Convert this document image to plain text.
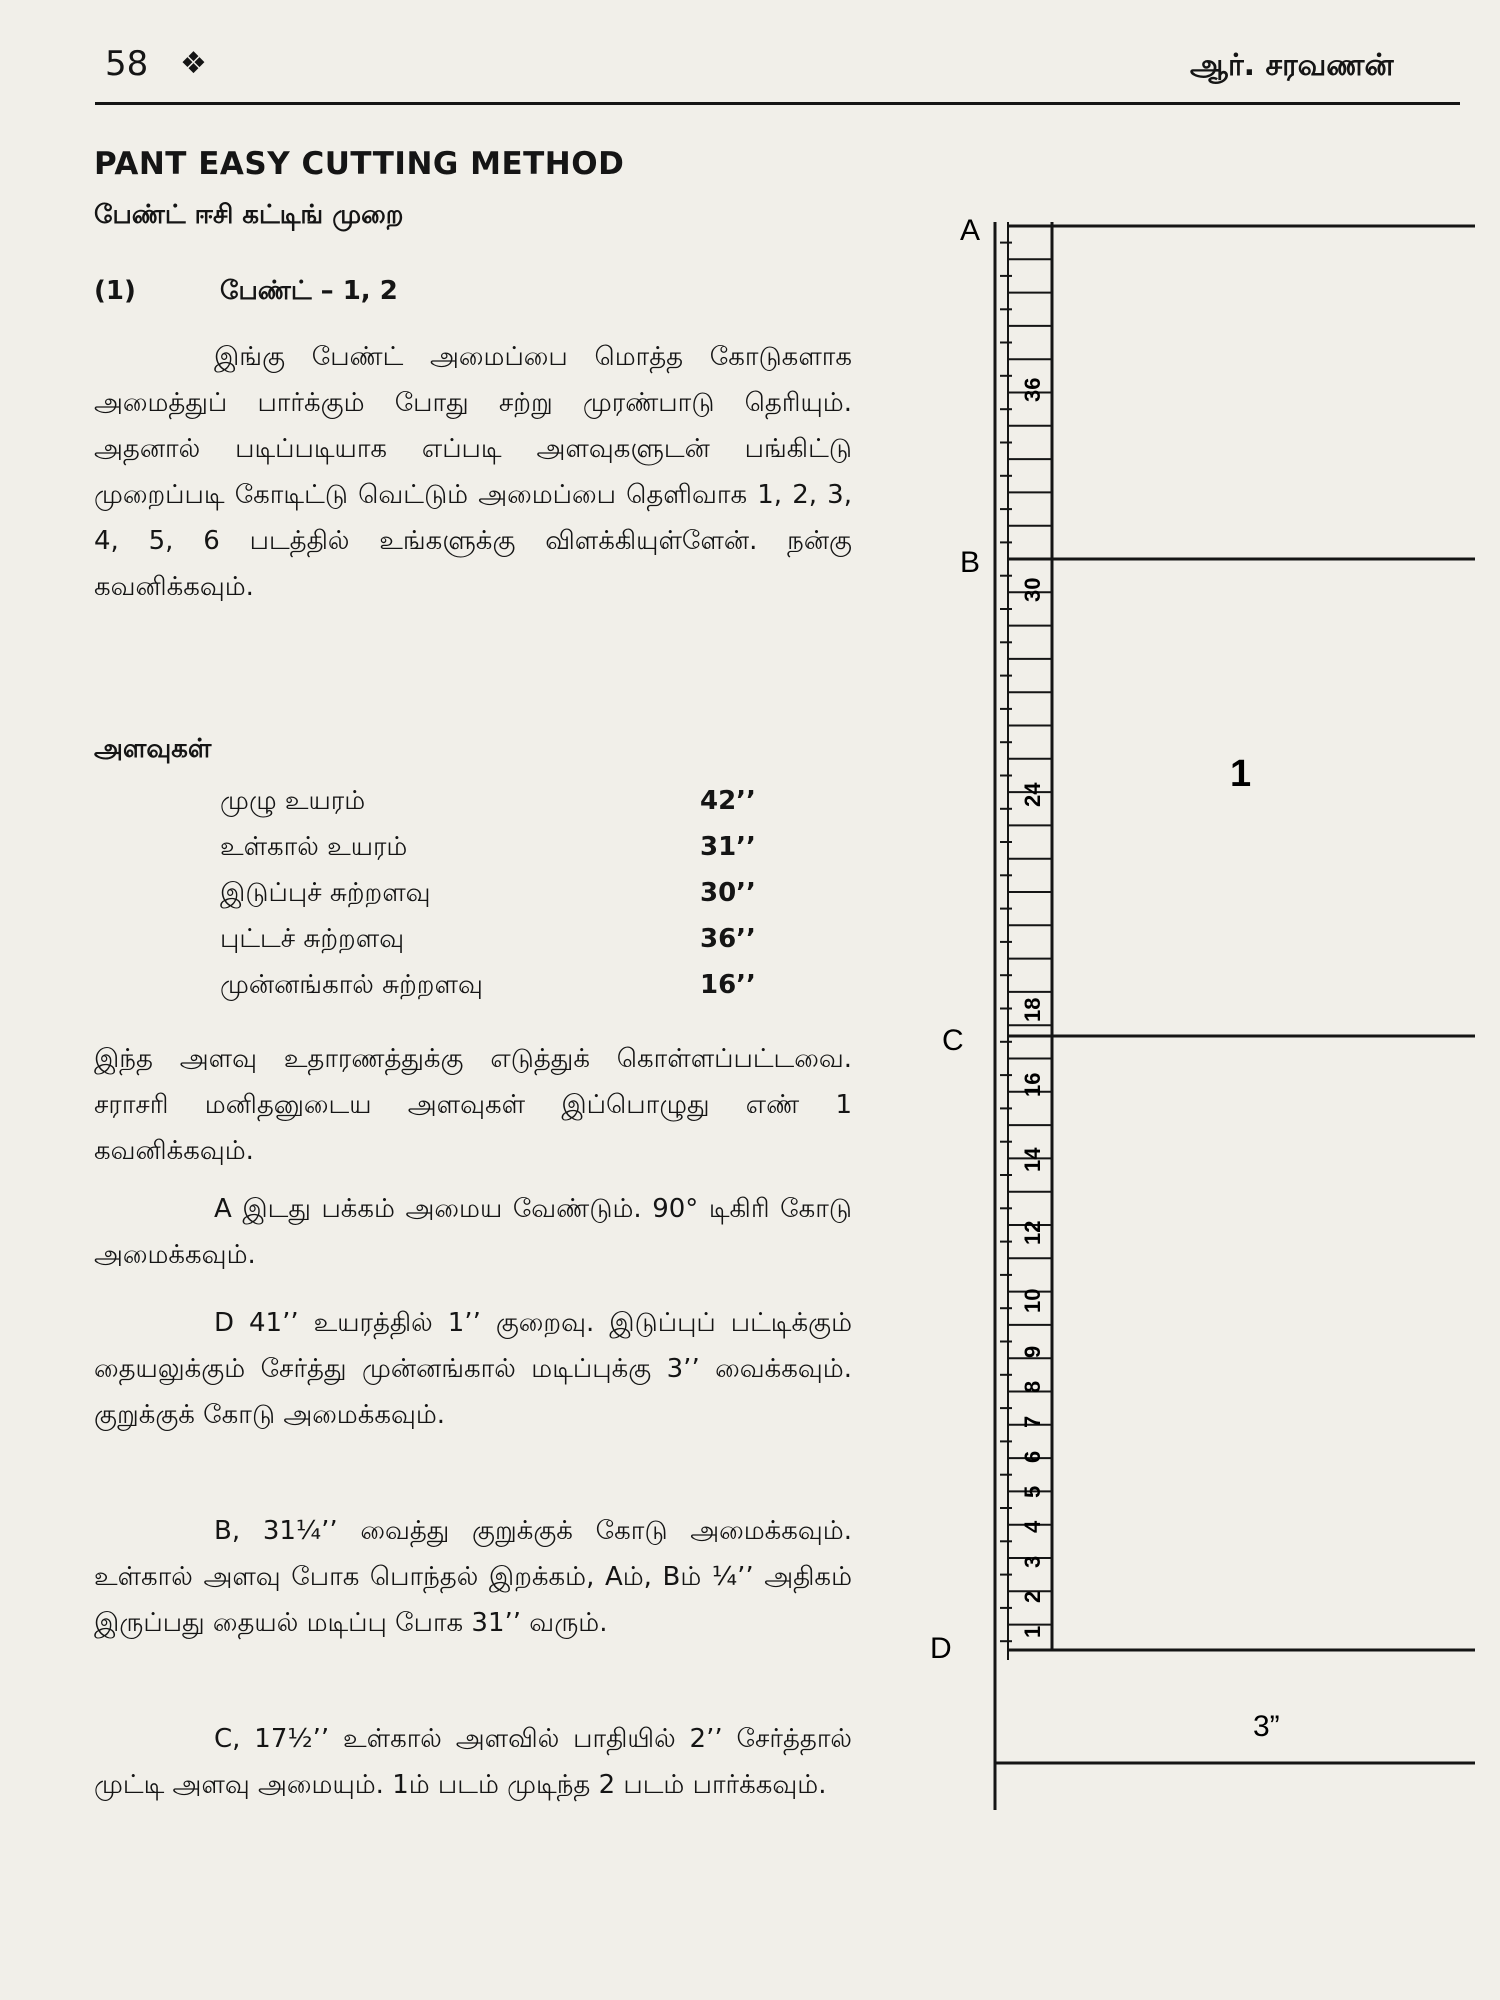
58 ❖	ஆர். சரவணன்
PANT EASY CUTTING METHOD
பேண்ட் ஈசி கட்டிங் முறை
(1)	பேண்ட் – 1, 2
இங்கு பேண்ட் அமைப்பை மொத்த கோடுகளாக அமைத்துப் பார்க்கும் போது சற்று முரண்பாடு தெரியும். அதனால் படிப்படியாக எப்படி அளவுகளுடன் பங்கிட்டு முறைப்படி கோடிட்டு வெட்டும் அமைப்பை தெளிவாக 1, 2, 3, 4, 5, 6 படத்தில் உங்களுக்கு விளக்கியுள்ளேன். நன்கு கவனிக்கவும்.
அளவுகள்
முழு உயரம்	42’’
உள்கால் உயரம்	31’’
இடுப்புச் சுற்றளவு	30’’
புட்டச் சுற்றளவு	36’’
முன்னங்கால் சுற்றளவு	16’’
இந்த அளவு உதாரணத்துக்கு எடுத்துக் கொள்ளப்பட்டவை. சராசரி மனிதனுடைய அளவுகள் இப்பொழுது எண் 1 கவனிக்கவும்.
A இடது பக்கம் அமைய வேண்டும். 90° டிகிரி கோடு அமைக்கவும்.
D 41’’ உயரத்தில் 1’’ குறைவு. இடுப்புப் பட்டிக்கும் தையலுக்கும் சேர்த்து முன்னங்கால் மடிப்புக்கு 3’’ வைக்கவும். குறுக்குக் கோடு அமைக்கவும்.
B, 31¼’’ வைத்து குறுக்குக் கோடு அமைக்கவும். உள்கால் அளவு போக பொந்தல் இறக்கம், Aம், Bம் ¼’’ அதிகம் இருப்பது தையல் மடிப்பு போக 31’’ வரும்.
C, 17½’’ உள்கால் அளவில் பாதியில் 2’’ சேர்த்தால் முட்டி அளவு அமையும். 1ம் படம் முடிந்த 2 படம் பார்க்கவும்.
A
B
C
D
36
30
24
18
16
14
12
10
9
8
7
6
5
4
3
2
1
1
3”
